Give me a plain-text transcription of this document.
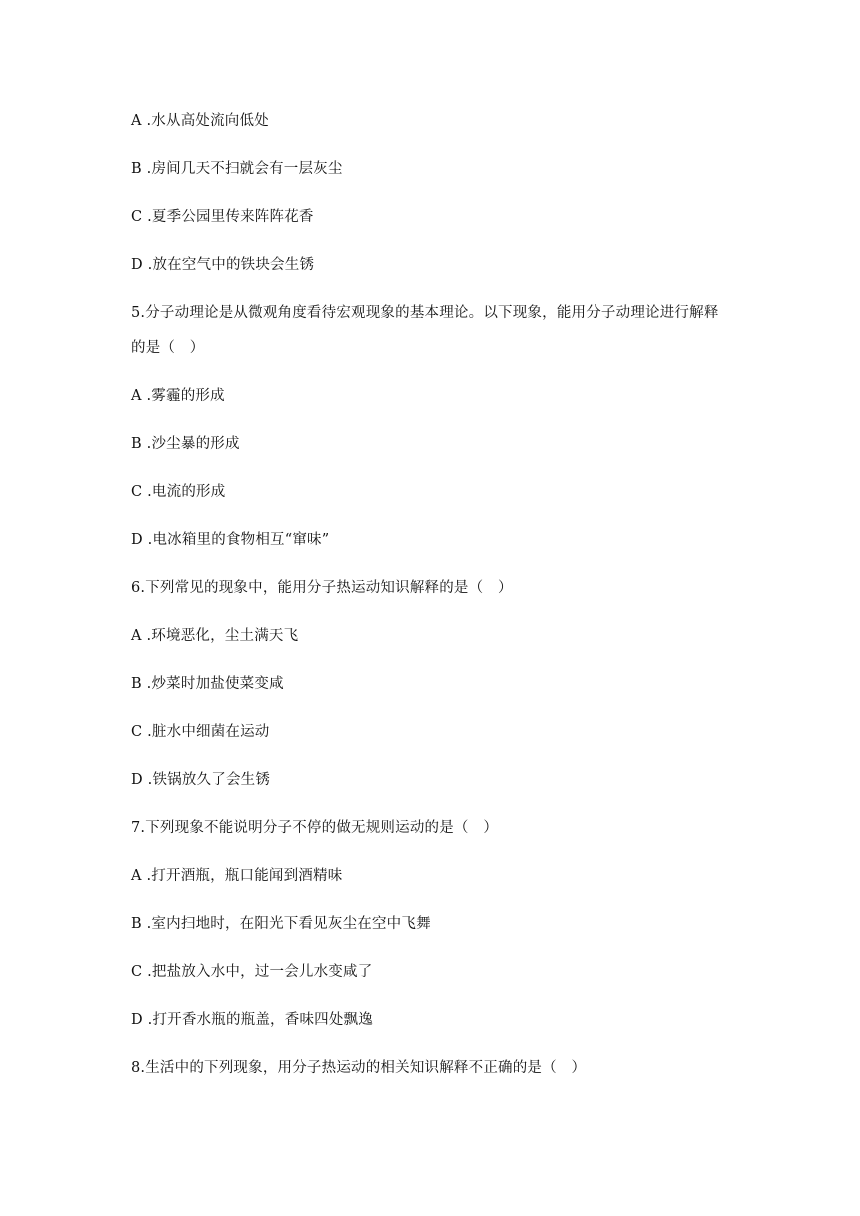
A .水从高处流向低处
B .房间几天不扫就会有一层灰尘
C .夏季公园里传来阵阵花香
D .放在空气中的铁块会生锈
5.分子动理论是从微观角度看待宏观现象的基本理论。以下现象，能用分子动理论进行解释
的是（　）
A .雾霾的形成
B .沙尘暴的形成
C .电流的形成
D .电冰箱里的食物相互“窜味”
6.下列常见的现象中，能用分子热运动知识解释的是（　）
A .环境恶化，尘土满天飞
B .炒菜时加盐使菜变咸
C .脏水中细菌在运动
D .铁锅放久了会生锈
7.下列现象不能说明分子不停的做无规则运动的是（　）
A .打开酒瓶，瓶口能闻到酒精味
B .室内扫地时，在阳光下看见灰尘在空中飞舞
C .把盐放入水中，过一会儿水变咸了
D .打开香水瓶的瓶盖，香味四处飘逸
8.生活中的下列现象，用分子热运动的相关知识解释不正确的是（　）
